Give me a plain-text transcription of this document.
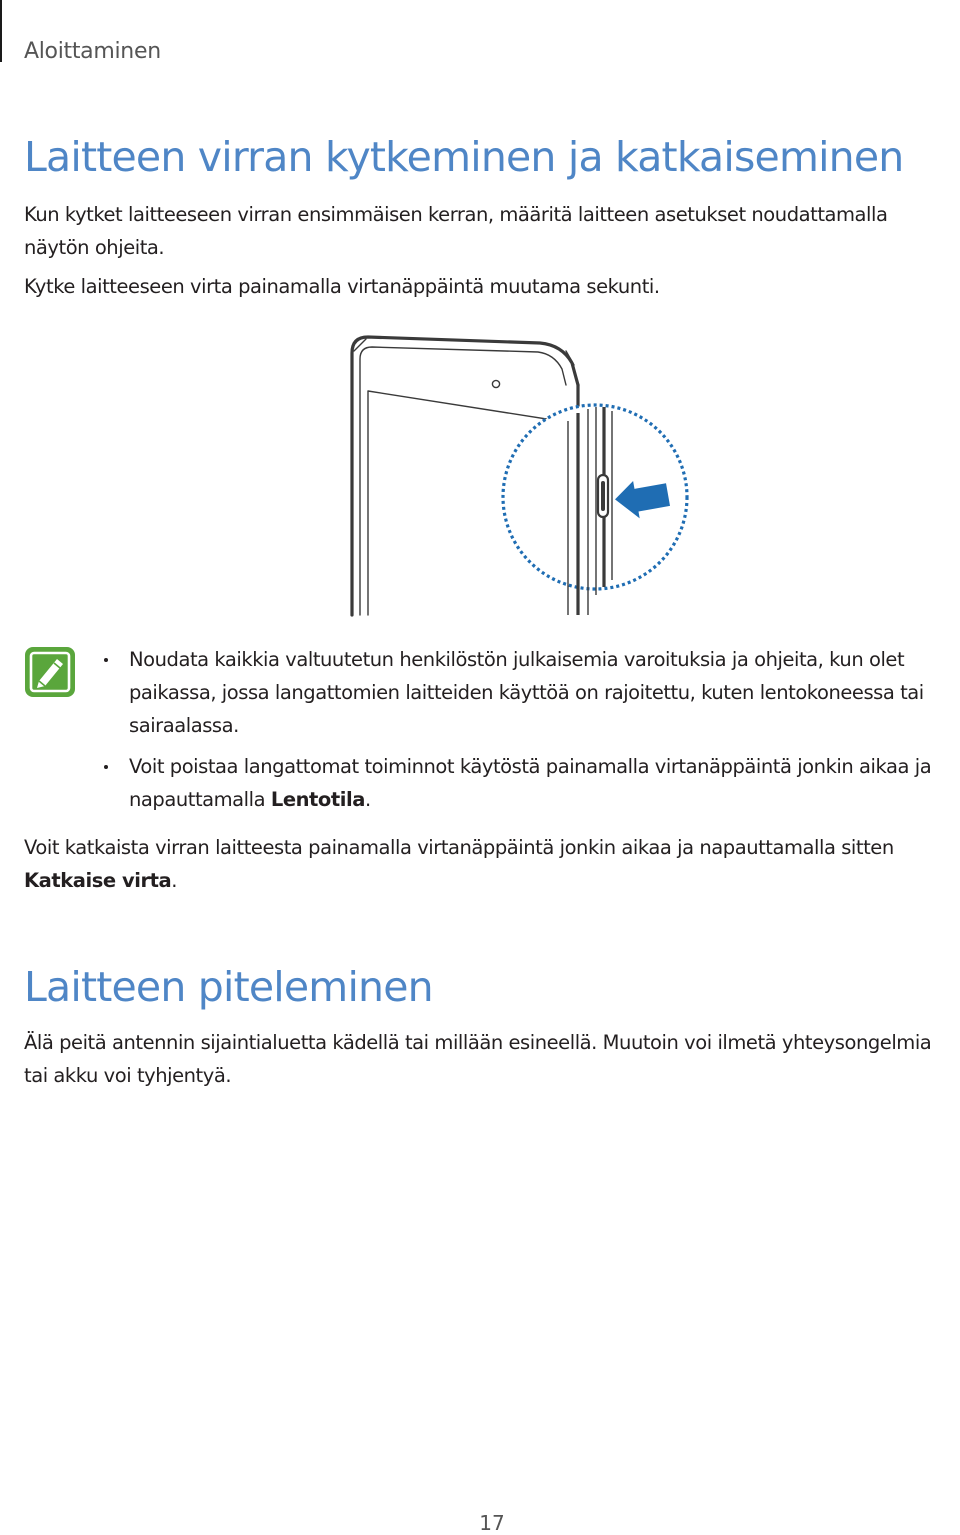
Aloittaminen
Laitteen virran kytkeminen ja katkaiseminen

Kun kytket laitteeseen virran ensimmäisen kerran, määritä laitteen asetukset noudattamalla
näytön ohjeita.

Kytke laitteeseen virta painamalla virtanäppäintä muutama sekunti.

Noudata kaikkia valtuutetun henkilöstön julkaisemia varoituksia ja ohjeita, kun olet
paikassa, jossa langattomien laitteiden käyttöä on rajoitettu, kuten lentokoneessa tai
sairaalassa.
Voit poistaa langattomat toiminnot käytöstä painamalla virtanäppäintä jonkin aikaa ja
napauttamalla Lentotila.

Voit katkaista virran laitteesta painamalla virtanäppäintä jonkin aikaa ja napauttamalla sitten
Katkaise virta.

Laitteen piteleminen

Älä peitä antennin sijaintialuetta kädellä tai millään esineellä. Muutoin voi ilmetä yhteysongelmia
tai akku voi tyhjentyä.

17
